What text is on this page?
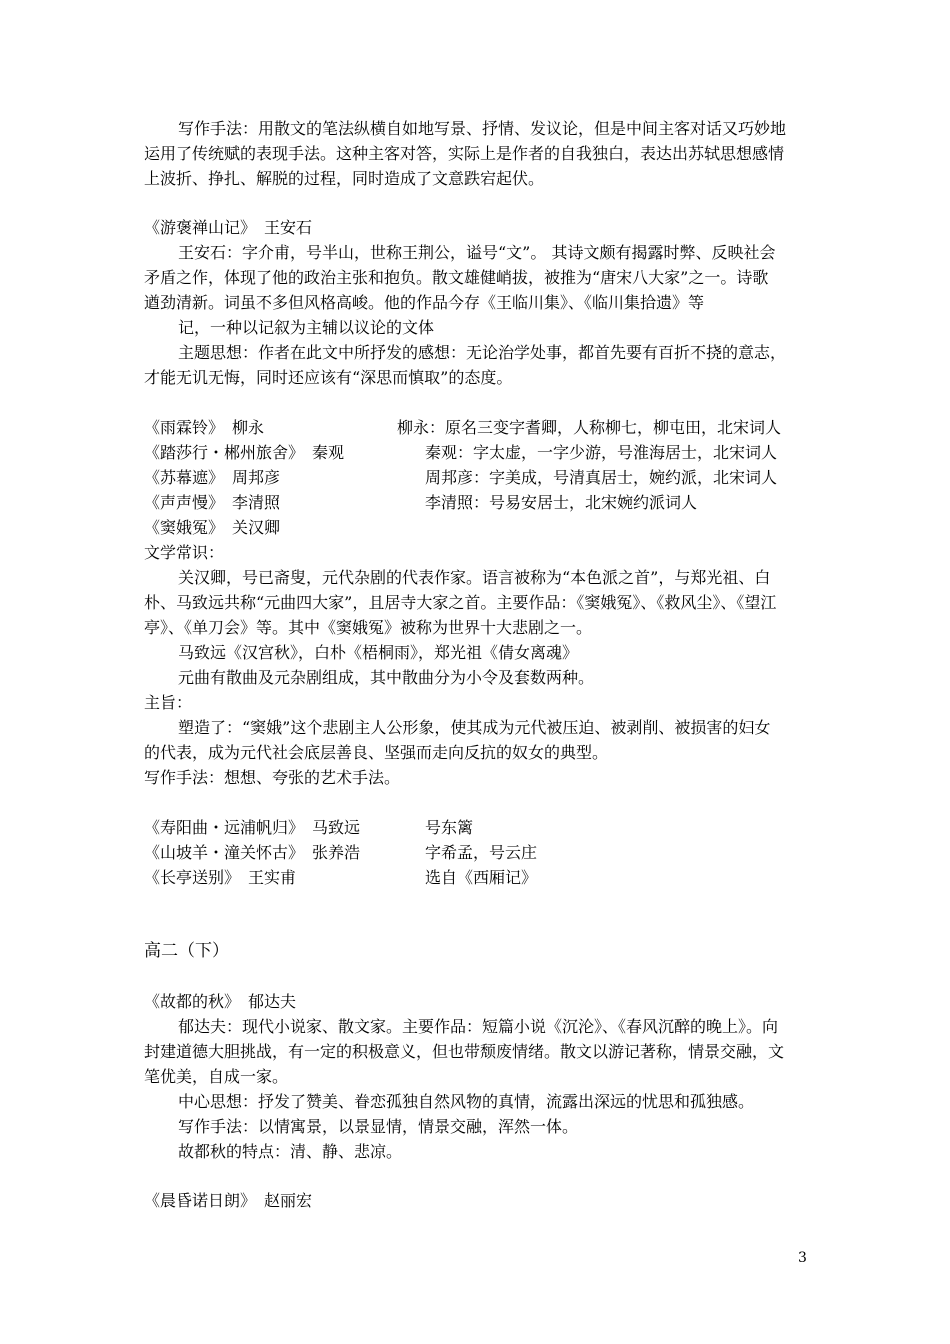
写作手法：用散文的笔法纵横自如地写景、抒情、发议论，但是中间主客对话又巧妙地
运用了传统赋的表现手法。这种主客对答，实际上是作者的自我独白，表达出苏轼思想感情
上波折、挣扎、解脱的过程，同时造成了文意跌宕起伏。
《游褒禅山记》　王安石
王安石：字介甫，号半山，世称王荆公，谥号“文”。 其诗文颇有揭露时弊、反映社会
矛盾之作，体现了他的政治主张和抱负。散文雄健峭拔，被推为“唐宋八大家”之一。诗歌
遒劲清新。词虽不多但风格高峻。他的作品今存《王临川集》、《临川集拾遗》等
记，一种以记叙为主辅以议论的文体
主题思想：作者在此文中所抒发的感想：无论治学处事，都首先要有百折不挠的意志，
才能无讥无悔，同时还应该有“深思而慎取”的态度。
《雨霖铃》　柳永	柳永：原名三变字耆卿，人称柳七，柳屯田，北宋词人
《踏莎行・郴州旅舍》　秦观	秦观：字太虚，一字少游，号淮海居士，北宋词人
《苏幕遮》　周邦彦	周邦彦：字美成，号清真居士，婉约派，北宋词人
《声声慢》　李清照	李清照：号易安居士，北宋婉约派词人
《窦娥冤》　关汉卿
文学常识：
关汉卿，号已斋叟，元代杂剧的代表作家。语言被称为“本色派之首”，与郑光祖、白
朴、马致远共称“元曲四大家”，且居寺大家之首。主要作品：《窦娥冤》、《救风尘》、《望江
亭》、《单刀会》等。其中《窦娥冤》被称为世界十大悲剧之一。
马致远《汉宫秋》，白朴《梧桐雨》，郑光祖《倩女离魂》
元曲有散曲及元杂剧组成，其中散曲分为小令及套数两种。
主旨：
塑造了：“窦娥”这个悲剧主人公形象，使其成为元代被压迫、被剥削、被损害的妇女
的代表，成为元代社会底层善良、坚强而走向反抗的奴女的典型。
写作手法：想想、夸张的艺术手法。
《寿阳曲・远浦帆归》　马致远	号东篱
《山坡羊・潼关怀古》　张养浩	字希孟，号云庄
《长亭送别》　王实甫	选自《西厢记》
高二（下）
《故都的秋》　郁达夫
郁达夫：现代小说家、散文家。主要作品：短篇小说《沉沦》、《春风沉醉的晚上》。向
封建道德大胆挑战，有一定的积极意义，但也带颓废情绪。散文以游记著称，情景交融，文
笔优美，自成一家。
中心思想：抒发了赞美、眷恋孤独自然风物的真情，流露出深远的忧思和孤独感。
写作手法：以情寓景，以景显情，情景交融，浑然一体。
故都秋的特点：清、静、悲凉。
《晨昏诺日朗》　赵丽宏
3
